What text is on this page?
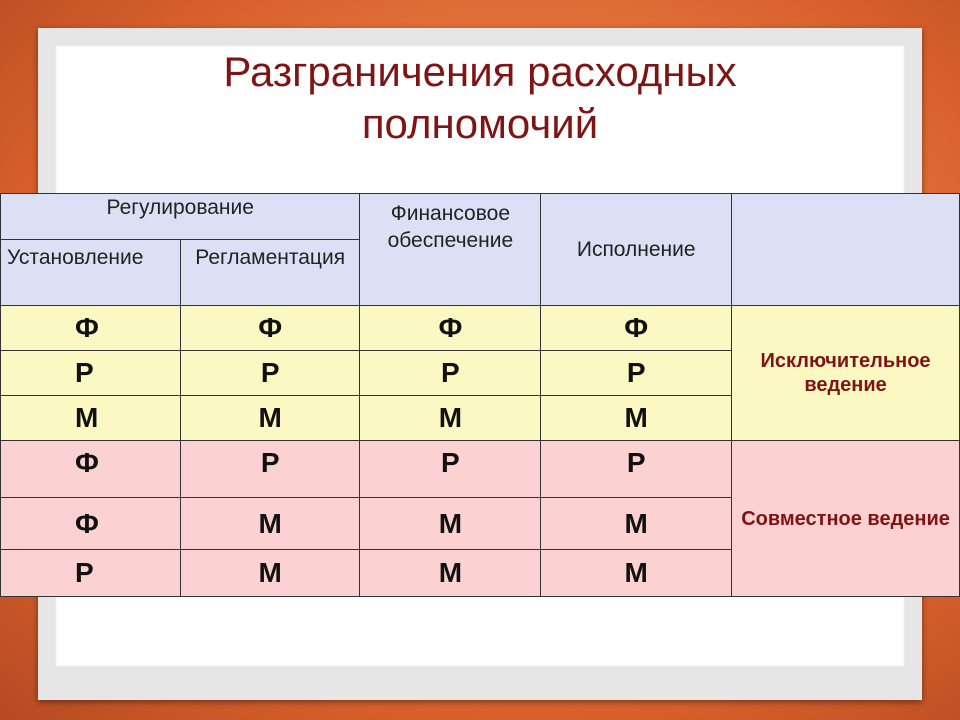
Разграничения расходных
полномочий
Регулирование		Финансовое обеспечение	Исполнение	
Установление	Регламентация			
Ф	Ф	Ф	Ф	Исключительное ведение
Р	Р	Р	Р	
М	М	М	М	
Ф	Р	Р	Р	Совместное ведение
Ф	М	М	М	
Р	М	М	М	
